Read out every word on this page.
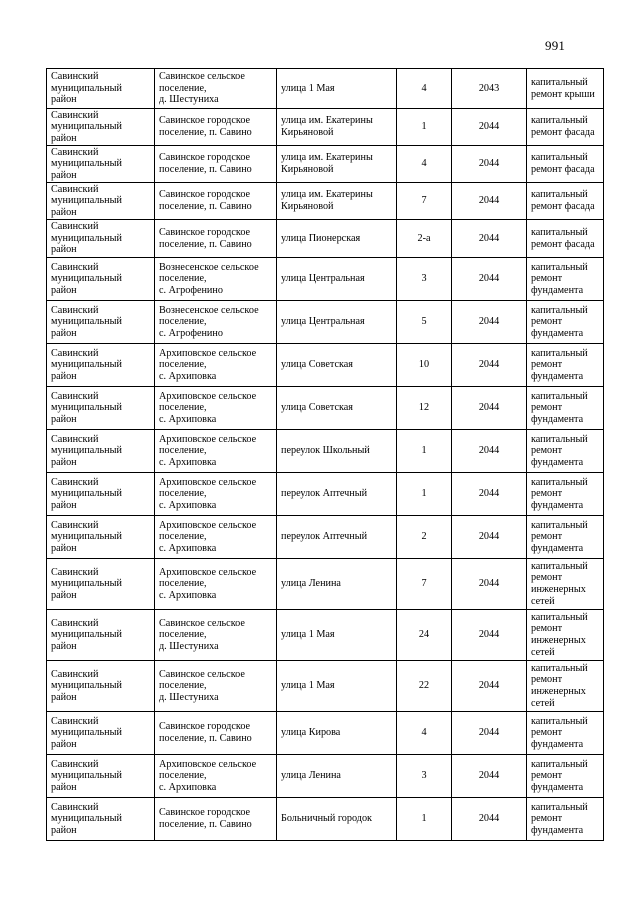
991
Савинский
муниципальный
район	Савинское сельское
поселение,
д. Шестуниха	улица 1 Мая	4	2043	капитальный
ремонт крыши

Савинский
муниципальный
район	Савинское городское
поселение, п. Савино	улица им. Екатерины
Кирьяновой	1	2044	капитальный
ремонт фасада

Савинский
муниципальный
район	Савинское городское
поселение, п. Савино	улица им. Екатерины
Кирьяновой	4	2044	капитальный
ремонт фасада

Савинский
муниципальный
район	Савинское городское
поселение, п. Савино	улица им. Екатерины
Кирьяновой	7	2044	капитальный
ремонт фасада

Савинский
муниципальный
район	Савинское городское
поселение, п. Савино	улица Пионерская	2-а	2044	капитальный
ремонт фасада

Савинский
муниципальный
район	Вознесенское сельское
поселение,
с. Агрофенино	улица Центральная	3	2044	капитальный
ремонт
фундамента

Савинский
муниципальный
район	Вознесенское сельское
поселение,
с. Агрофенино	улица Центральная	5	2044	капитальный
ремонт
фундамента

Савинский
муниципальный
район	Архиповское сельское
поселение,
с. Архиповка	улица Советская	10	2044	капитальный
ремонт
фундамента

Савинский
муниципальный
район	Архиповское сельское
поселение,
с. Архиповка	улица Советская	12	2044	капитальный
ремонт
фундамента

Савинский
муниципальный
район	Архиповское сельское
поселение,
с. Архиповка	переулок Школьный	1	2044	капитальный
ремонт
фундамента

Савинский
муниципальный
район	Архиповское сельское
поселение,
с. Архиповка	переулок Аптечный	1	2044	капитальный
ремонт
фундамента

Савинский
муниципальный
район	Архиповское сельское
поселение,
с. Архиповка	переулок Аптечный	2	2044	капитальный
ремонт
фундамента

Савинский
муниципальный
район	Архиповское сельское
поселение,
с. Архиповка	улица Ленина	7	2044	капитальный
ремонт
инженерных
сетей

Савинский
муниципальный
район	Савинское сельское
поселение,
д. Шестуниха	улица 1 Мая	24	2044	капитальный
ремонт
инженерных
сетей

Савинский
муниципальный
район	Савинское сельское
поселение,
д. Шестуниха	улица 1 Мая	22	2044	капитальный
ремонт
инженерных
сетей

Савинский
муниципальный
район	Савинское городское
поселение, п. Савино	улица Кирова	4	2044	капитальный
ремонт
фундамента

Савинский
муниципальный
район	Архиповское сельское
поселение,
с. Архиповка	улица Ленина	3	2044	капитальный
ремонт
фундамента

Савинский
муниципальный
район	Савинское городское
поселение, п. Савино	Больничный городок	1	2044	капитальный
ремонт
фундамента
